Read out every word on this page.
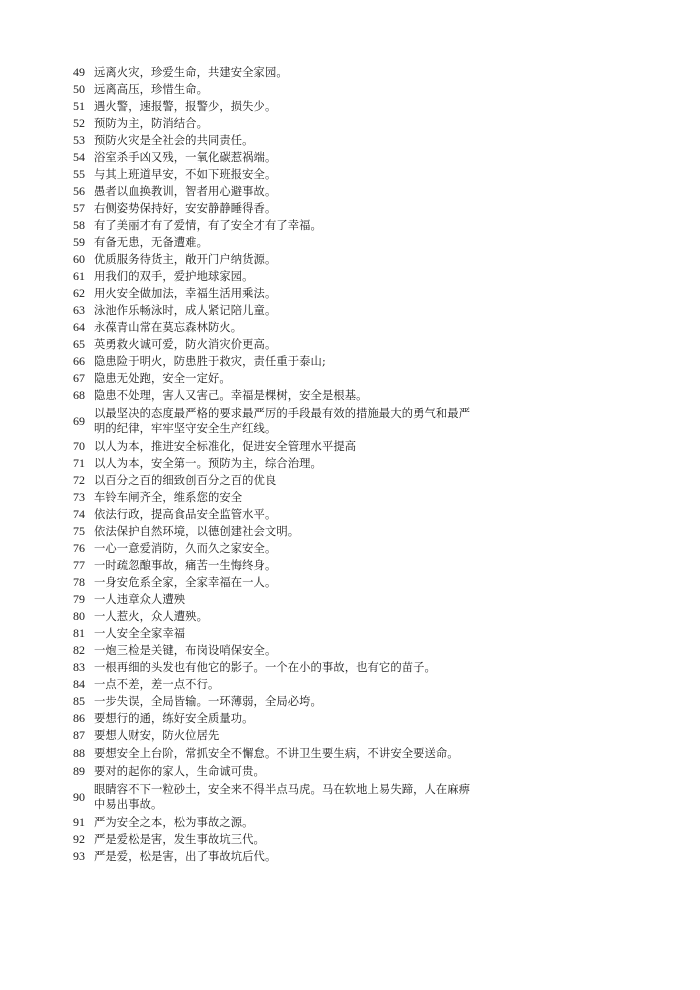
49 远离火灾，珍爱生命，共建安全家园。
50 远离高压，珍惜生命。
51 遇火警，速报警，报警少，损失少。
52 预防为主，防消结合。
53 预防火灾是全社会的共同责任。
54 浴室杀手凶又残，一氧化碳惹祸端。
55 与其上班道早安，不如下班报安全。
56 愚者以血换教训，智者用心避事故。
57 右侧姿势保持好，安安静静睡得香。
58 有了美丽才有了爱情，有了安全才有了幸福。
59 有备无患，无备遭难。
60 优质服务待货主，敞开门户纳货源。
61 用我们的双手，爱护地球家园。
62 用火安全做加法，幸福生活用乘法。
63 泳池作乐畅泳时，成人紧记陪儿童。
64 永葆青山常在莫忘森林防火。
65 英勇救火诚可爱，防火消灾价更高。
66 隐患险于明火，防患胜于救灾，责任重于泰山;
67 隐患无处跑，安全一定好。
68 隐患不处理，害人又害己。幸福是棵树，安全是根基。
69 以最坚决的态度最严格的要求最严厉的手段最有效的措施最大的勇气和最严明的纪律，牢牢坚守安全生产红线。
70 以人为本，推进安全标准化，促进安全管理水平提高
71 以人为本，安全第一。预防为主，综合治理。
72 以百分之百的细致创百分之百的优良
73 车铃车闸齐全，维系您的安全
74 依法行政，提高食品安全监管水平。
75 依法保护自然环境，以德创建社会文明。
76 一心一意爱消防，久而久之家安全。
77 一时疏忽酿事故，痛苦一生悔终身。
78 一身安危系全家，全家幸福在一人。
79 一人违章众人遭殃
80 一人惹火，众人遭殃。
81 一人安全全家幸福
82 一炮三检是关键，布岗设哨保安全。
83 一根再细的头发也有他它的影子。一个在小的事故，也有它的苗子。
84 一点不差，差一点不行。
85 一步失误，全局皆输。一环薄弱，全局必垮。
86 要想行的通，练好安全质量功。
87 要想人财安，防火位居先
88 要想安全上台阶，常抓安全不懈怠。不讲卫生要生病，不讲安全要送命。
89 要对的起你的家人，生命诚可贵。
90 眼睛容不下一粒砂土，安全来不得半点马虎。马在软地上易失蹄，人在麻痹中易出事故。
91 严为安全之本，松为事故之源。
92 严是爱松是害，发生事故坑三代。
93 严是爱，松是害，出了事故坑后代。
